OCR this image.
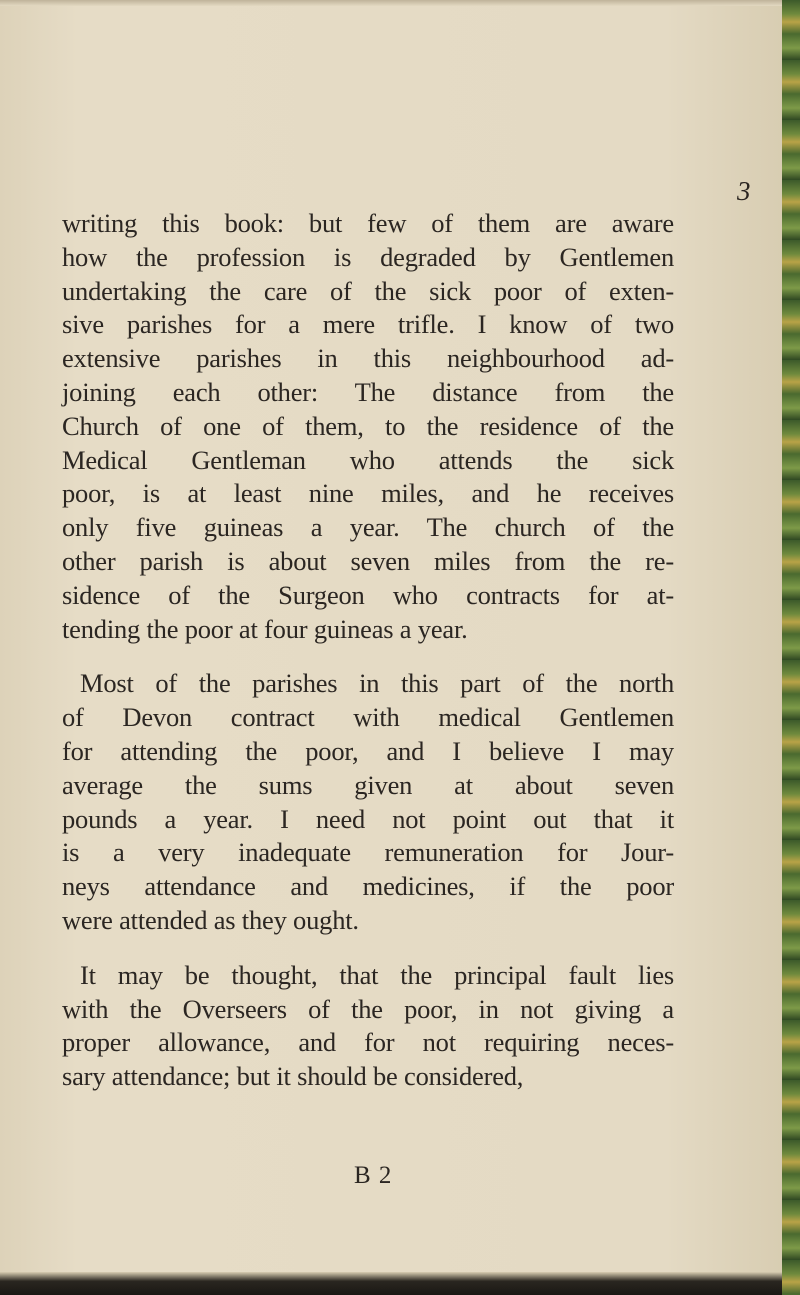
3

writing this book: but few of them are aware
how the profession is degraded by Gentlemen
undertaking the care of the sick poor of exten-
sive parishes for a mere trifle. I know of two
extensive parishes in this neighbourhood ad-
joining each other: The distance from the
Church of one of them, to the residence of the
Medical Gentleman who attends the sick
poor, is at least nine miles, and he receives
only five guineas a year. The church of the
other parish is about seven miles from the re-
sidence of the Surgeon who contracts for at-
tending the poor at four guineas a year.

Most of the parishes in this part of the north
of Devon contract with medical Gentlemen
for attending the poor, and I believe I may
average the sums given at about seven
pounds a year. I need not point out that it
is a very inadequate remuneration for Jour-
neys attendance and medicines, if the poor
were attended as they ought.

It may be thought, that the principal fault lies
with the Overseers of the poor, in not giving a
proper allowance, and for not requiring neces-
sary attendance; but it should be considered,

B 2
